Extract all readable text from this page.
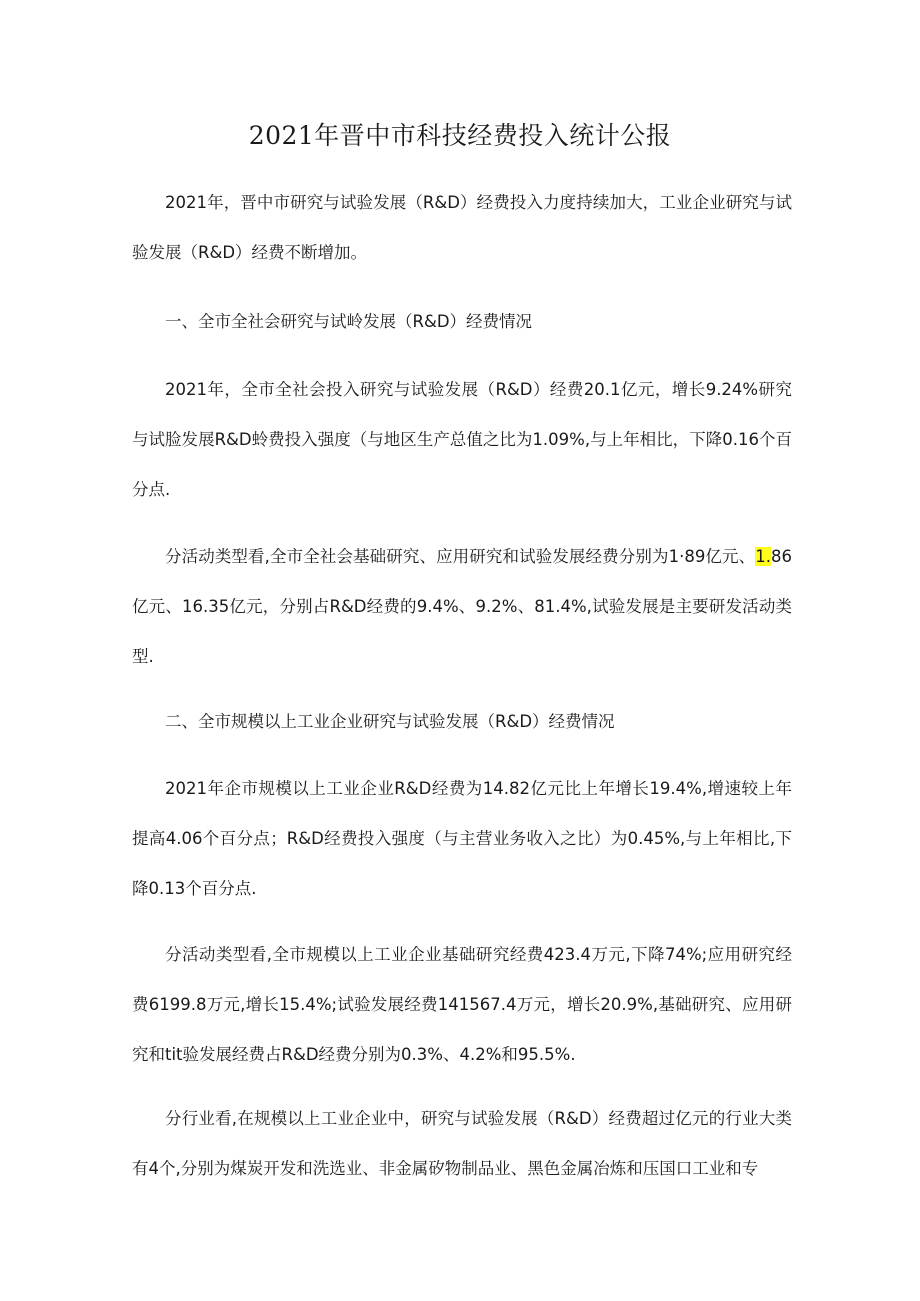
2021年晋中市科技经费投入统计公报
2021年，晋中市研究与试验发展（R&D）经费投入力度持续加大，工业企业研究与试验发展（R&D）经费不断增加。
一、全市全社会研究与试岭发展（R&D）经费情况
2021年，全市全社会投入研究与试验发展（R&D）经费20.1亿元，增长9.24%研究与试脸发展R&D蛉费投入强度（与地区生产总值之比为1.09%,与上年相比，下降0.16个百分点.
分活动类型看,全市全社会基础研究、应用研究和试验发展经费分别为1·89亿元、1.86亿元、16.35亿元，分别占R&D经费的9.4%、9.2%、81.4%,试验发展是主要研发活动类型.
二、全市规模以上工业企业研究与试验发展（R&D）经费情况
2021年企市规模以上工业企业R&D经费为14.82亿元比上年增长19.4%,增速较上年提高4.06个百分点；R&D经费投入强度（与主营业务收入之比）为0.45%,与上年相比,下降0.13个百分点.
分活动类型看,全市规模以上工业企业基础研究经费423.4万元,下降74%;应用研究经费6199.8万元,增长15.4%;试验发展经费141567.4万元，增长20.9%,基础研究、应用研究和tit验发展经费占R&D经费分别为0.3%、4.2%和95.5%.
分行业看,在规模以上工业企业中，研究与试验发展（R&D）经费超过亿元的行业大类有4个,分别为煤炭开发和洗选业、非金属矽物制品业、黑色金属冶炼和压国口工业和专
